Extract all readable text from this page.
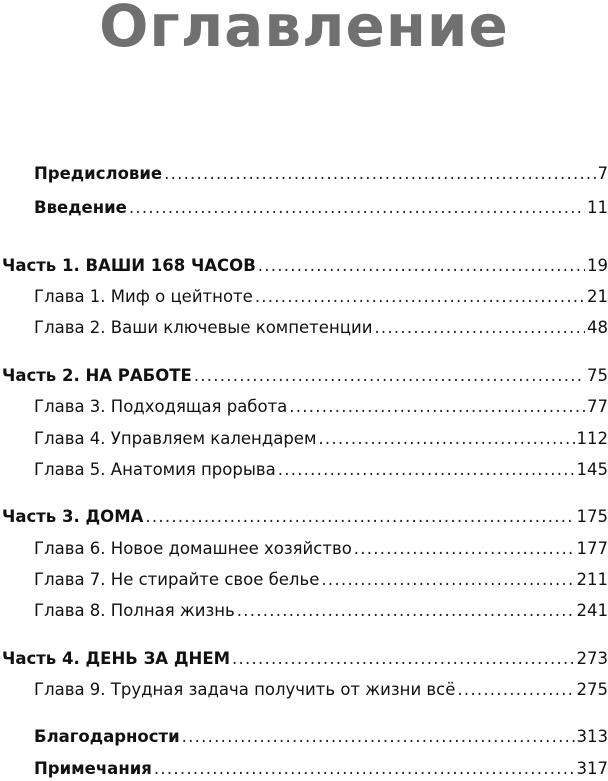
Оглавление
Предисловие . . .	7
Введение . . .	11
Часть 1. ВАШИ 168 ЧАСОВ . . .	19
Глава 1. Миф о цейтноте . . .	21
Глава 2. Ваши ключевые компетенции . . .	48
Часть 2. НА РАБОТЕ . . .	75
Глава 3. Подходящая работа . . .	77
Глава 4. Управляем календарем . . .	112
Глава 5. Анатомия прорыва . . .	145
Часть 3. ДОМА . . .	175
Глава 6. Новое домашнее хозяйство . . .	177
Глава 7. Не стирайте свое белье . . .	211
Глава 8. Полная жизнь . . .	241
Часть 4. ДЕНЬ ЗА ДНЕМ . . .	273
Глава 9. Трудная задача получить от жизни всё . . .	275
Благодарности . . .	313
Примечания . . .	317
